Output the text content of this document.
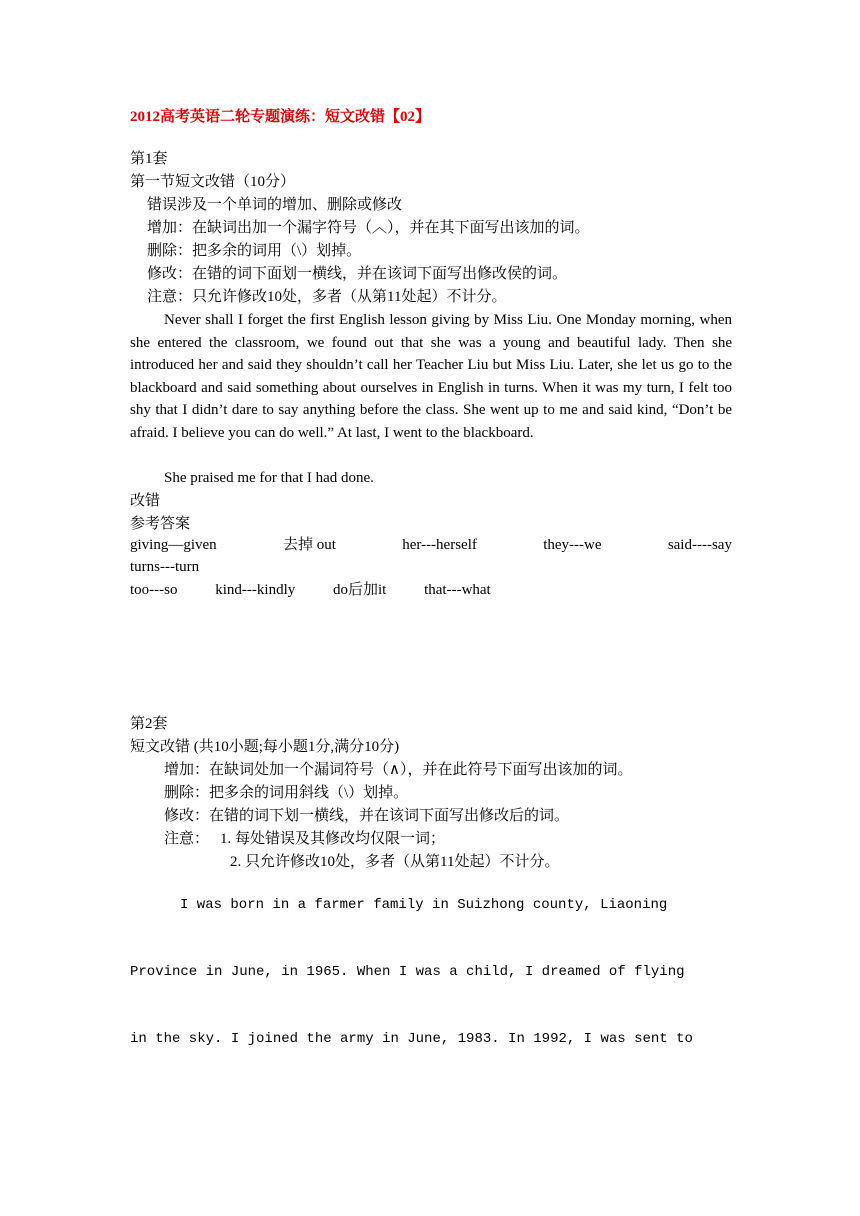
2012高考英语二轮专题演练：短文改错【02】
第1套
第一节短文改错（10分）
错误涉及一个单词的增加、删除或修改
增加：在缺词出加一个漏字符号（︿），并在其下面写出该加的词。
删除：把多余的词用（\）划掉。
修改：在错的词下面划一横线，并在该词下面写出修改侯的词。
注意：只允许修改10处，多者（从第11处起）不计分。
Never shall I forget the first English lesson giving by Miss Liu. One Monday morning, when she entered the classroom, we found out that she was a young and beautiful lady. Then she introduced her and said they shouldn’t call her Teacher Liu but Miss Liu. Later, she let us go to the blackboard and said something about ourselves in English in turns. When it was my turn, I felt too shy that I didn’t dare to say anything before the class. She went up to me and said kind, “Don’t be afraid. I believe you can do well.” At last, I went to the blackboard.
She praised me for that I had done.
改错
参考答案
giving—given	去掉 out	her---herself	they---we	said----say
turns---turn
too---so	kind---kindly	do后加it	that---what
第2套
短文改错 (共10小题;每小题1分,满分10分)
增加：在缺词处加一个漏词符号（∧），并在此符号下面写出该加的词。
删除：把多余的词用斜线（\）划掉。
修改：在错的词下划一横线，并在该词下面写出修改后的词。
注意： 1. 每处错误及其修改均仅限一词；
2. 只允许修改10处，多者（从第11处起）不计分。
I was born in a farmer family in Suizhong county, Liaoning
Province in June, in 1965. When I was a child, I dreamed of flying
in the sky. I joined the army in June, 1983. In 1992, I was sent to
